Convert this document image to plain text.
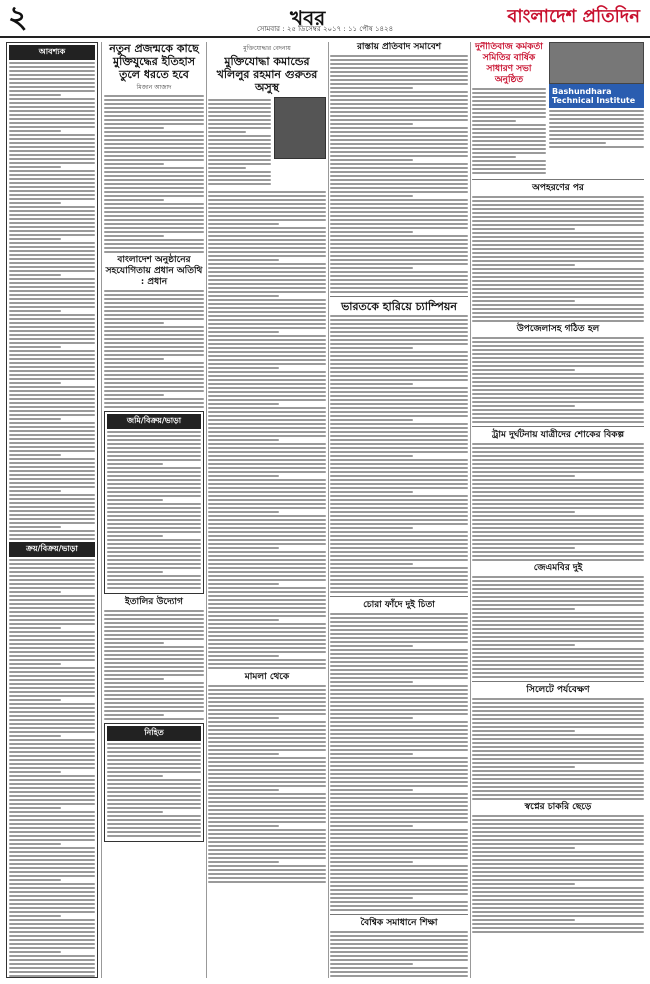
২	খবর	বাংলাদেশ প্রতিদিন
সোমবার : ২৫ ডিসেম্বর ২০১৭ : ১১ পৌষ ১৪২৪
আবশ্যক
ক্রয়/বিক্রয়/ভাড়া
নতুন প্রজন্মকে কাছে মুক্তিযুদ্ধের ইতিহাস তুলে ধরতে হবে
মিজান আজাদ
বাংলাদেশ অনুষ্ঠানের সহযোগিতায় প্রধান অতিথি : প্রধান
জমি/বিক্রয়/ভাড়া
ইতালির উদ্যোগ
নিহিত
মুক্তিযোদ্ধার বেদনায়
মুক্তিযোদ্ধা কমান্ডের খলিলুর রহমান গুরুতর অসুস্থ
মামলা থেকে
রাস্তায় প্রতিবাদ সমাবেশ
ভারতকে হারিয়ে চ্যাম্পিয়ন
চোরা ফাঁদে দুই চিতা
বৈশ্বিক সমাধানে শিক্ষা
দুর্নীতিবাজ কর্মকর্তা সমিতির বার্ষিক সাধারণ সভা অনুষ্ঠিত
Bashundhara Technical Institute
অপহরণের পর
উপজেলাসহ গঠিত হল
ট্রাম দুর্ঘটনায় যাত্রীদের শোকের বিকল্প
জেএমবির দুই
সিলেটে পর্যবেক্ষণ
স্বপ্নের চাকরি ছেড়ে
